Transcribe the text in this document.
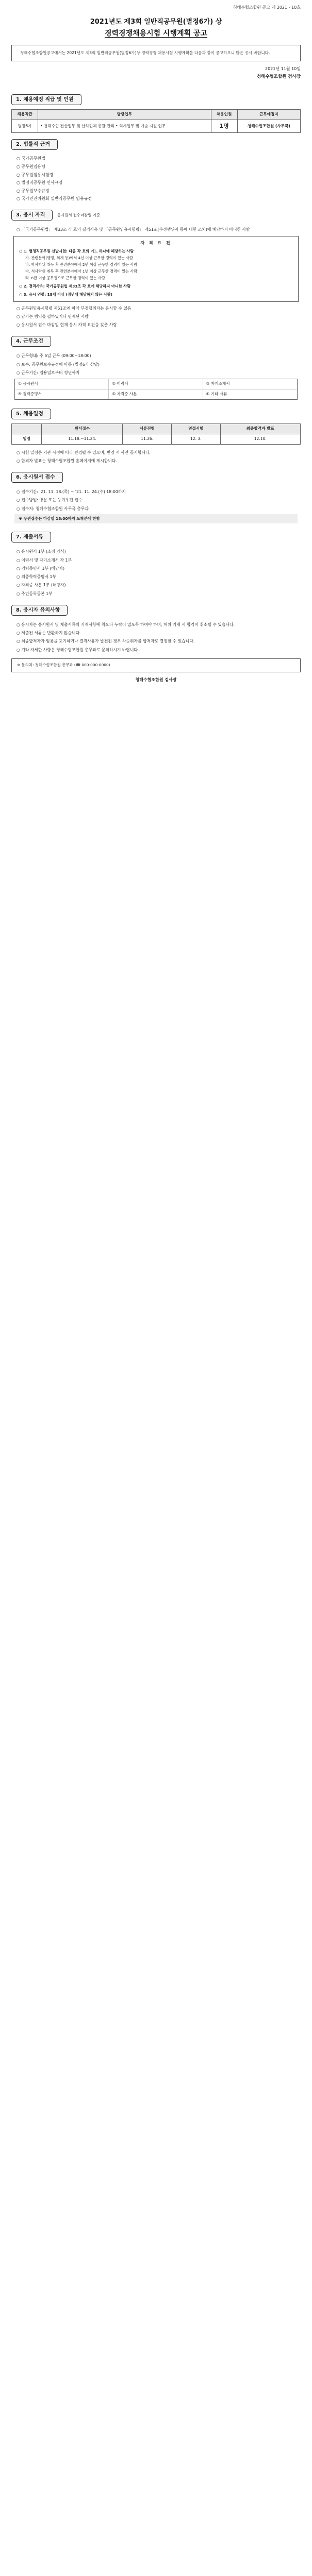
청해수협조합원 공고 제 2021 - 10호
2021년도 제3회 일반직공무원(별정6가) 상
경력경쟁채용시험 시행계획 공고
청해수협조합원공고에서는 2021년도 제3회 일반직공무원(별정6가)상 경력경쟁 채용시험 시행계획을 다음과 같이 공고하오니 많은 응시 바랍니다.
2021년 11월 10일
청해수협조합원 검사장
1. 채용예정 직급 및 인원
채용직급	담당업무	채용인원	근무예정지
별정6가	• 청해수협 전산업무 및 산하업체 총괄 관리 • 회계업무 및 기술 지원 업무	1명	청해수협조합원 (사무국)
2. 법률적 근거
○ 국가공무원법
○ 공무원임용령
○ 공무원임용시험령
○ 별정직공무원 인사규정
○ 공무원보수규정
○ 국가인권위원회 일반직공무원 임용규정
3. 응시 자격	응시원서 접수마감일 기준
○ 「국가공무원법」 제33조 각 호의 결격사유 및 「공무원임용시험령」 제51조(부정행위자 등에 대한 조치)에 해당하지 아니한 사람
자 격 요 건

○ 1. 별정직공무원 선발시험: 다음 각 호의 어느 하나에 해당하는 사람

가. 관련분야(행정, 회계 등)에서 4년 이상 근무한 경력이 있는 사람

나. 학사학위 취득 후 관련분야에서 2년 이상 근무한 경력이 있는 사람

다. 석사학위 취득 후 관련분야에서 1년 이상 근무한 경력이 있는 사람

라. 6급 이상 공무원으로 근무한 경력이 있는 사람

○ 2. 결격사유: 국가공무원법 제33조 각 호에 해당하지 아니한 사람

○ 3. 응시 연령: 18세 이상 (정년에 해당하지 않는 사람)

○ 공무원임용시험령 제51조에 따라 부정행위자는 응시할 수 없음
○ 남자는 병역을 필하였거나 면제된 사람
○ 응시원서 접수 마감일 현재 응시 자격 요건을 갖춘 사람
4. 근무조건
○ 근무형태: 주 5일 근무 (09:00~18:00)
○ 보수: 공무원보수규정에 따름 (별정6가 상당)
○ 근무기간: 임용일로부터 정년까지
① 응시원서	② 이력서	③ 자기소개서
④ 경력증명서	⑤ 자격증 사본	⑥ 기타 서류
5. 채용일정
	원서접수	서류전형	면접시험	최종합격자 발표
일정	11.18.~11.24.	11.26.	12. 3.	12.10.
○ 시험 일정은 기관 사정에 따라 변경될 수 있으며, 변경 시 사전 공지합니다.
○ 합격자 발표는 청해수협조합원 홈페이지에 게시합니다.
6. 응시원서 접수
○ 접수기간: '21. 11. 18.(목) ~ '21. 11. 24.(수) 18:00까지
○ 접수방법: 방문 또는 등기우편 접수
○ 접수처: 청해수협조합원 사무국 총무과
※ 우편접수는 마감일 18:00까지 도착분에 한함
7. 제출서류
○ 응시원서 1부 (소정 양식)
○ 이력서 및 자기소개서 각 1부
○ 경력증명서 1부 (해당자)
○ 최종학력증명서 1부
○ 자격증 사본 1부 (해당자)
○ 주민등록등본 1부
8. 응시자 유의사항
○ 응시자는 응시원서 및 제출서류의 기재사항에 착오나 누락이 없도록 하여야 하며, 허위 기재 시 합격이 취소될 수 있습니다.
○ 제출된 서류는 반환하지 않습니다.
○ 최종합격자가 임용을 포기하거나 결격사유가 발견된 경우 차순위자를 합격자로 결정할 수 있습니다.
○ 기타 자세한 사항은 청해수협조합원 총무과로 문의하시기 바랍니다.
※ 문의처: 청해수협조합원 총무과 (☎ 000-000-0000)
청해수협조합원 검사장
